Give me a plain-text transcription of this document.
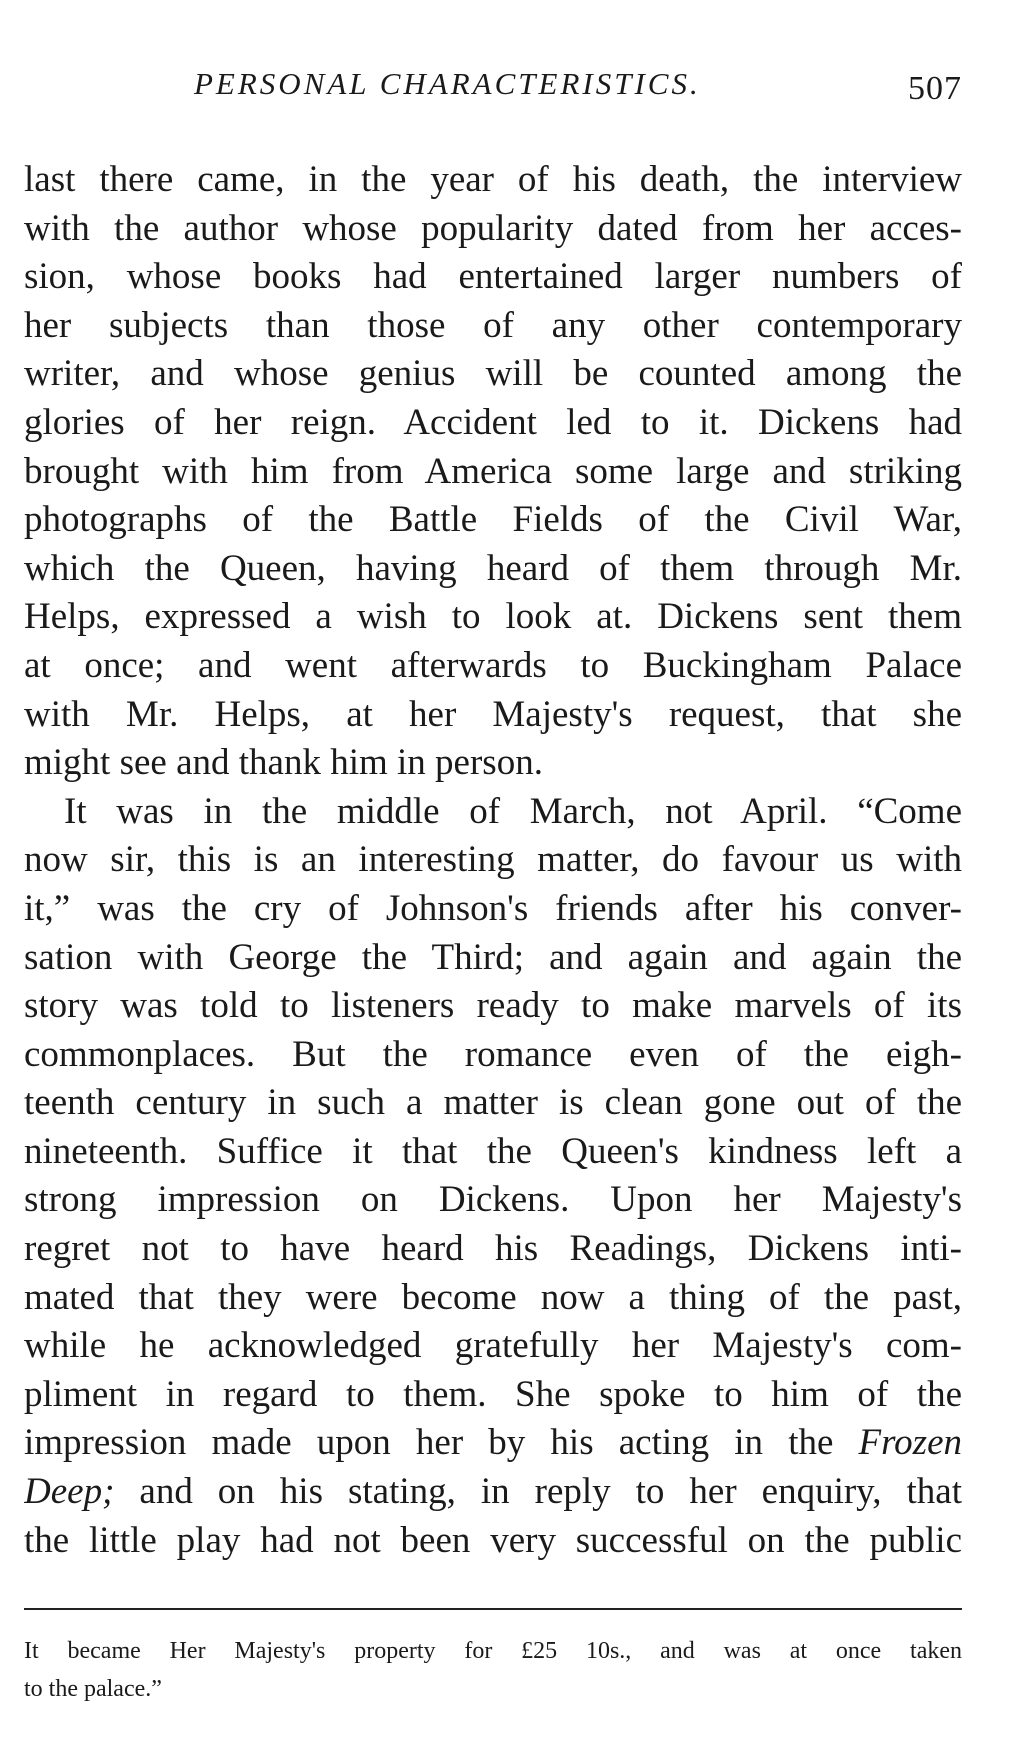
PERSONAL CHARACTERISTICS.	507
last there came, in the year of his death, the interview
with the author whose popularity dated from her acces-
sion, whose books had entertained larger numbers of
her subjects than those of any other contemporary
writer, and whose genius will be counted among the
glories of her reign. Accident led to it. Dickens had
brought with him from America some large and striking
photographs of the Battle Fields of the Civil War,
which the Queen, having heard of them through Mr.
Helps, expressed a wish to look at. Dickens sent them
at once; and went afterwards to Buckingham Palace
with Mr. Helps, at her Majesty's request, that she
might see and thank him in person.
It was in the middle of March, not April. “Come
now sir, this is an interesting matter, do favour us with
it,” was the cry of Johnson's friends after his conver-
sation with George the Third; and again and again the
story was told to listeners ready to make marvels of its
commonplaces. But the romance even of the eigh-
teenth century in such a matter is clean gone out of the
nineteenth. Suffice it that the Queen's kindness left a
strong impression on Dickens. Upon her Majesty's
regret not to have heard his Readings, Dickens inti-
mated that they were become now a thing of the past,
while he acknowledged gratefully her Majesty's com-
pliment in regard to them. She spoke to him of the
impression made upon her by his acting in the Frozen
Deep; and on his stating, in reply to her enquiry, that
the little play had not been very successful on the public
It became Her Majesty's property for £25 10s., and was at once taken
to the palace.”
